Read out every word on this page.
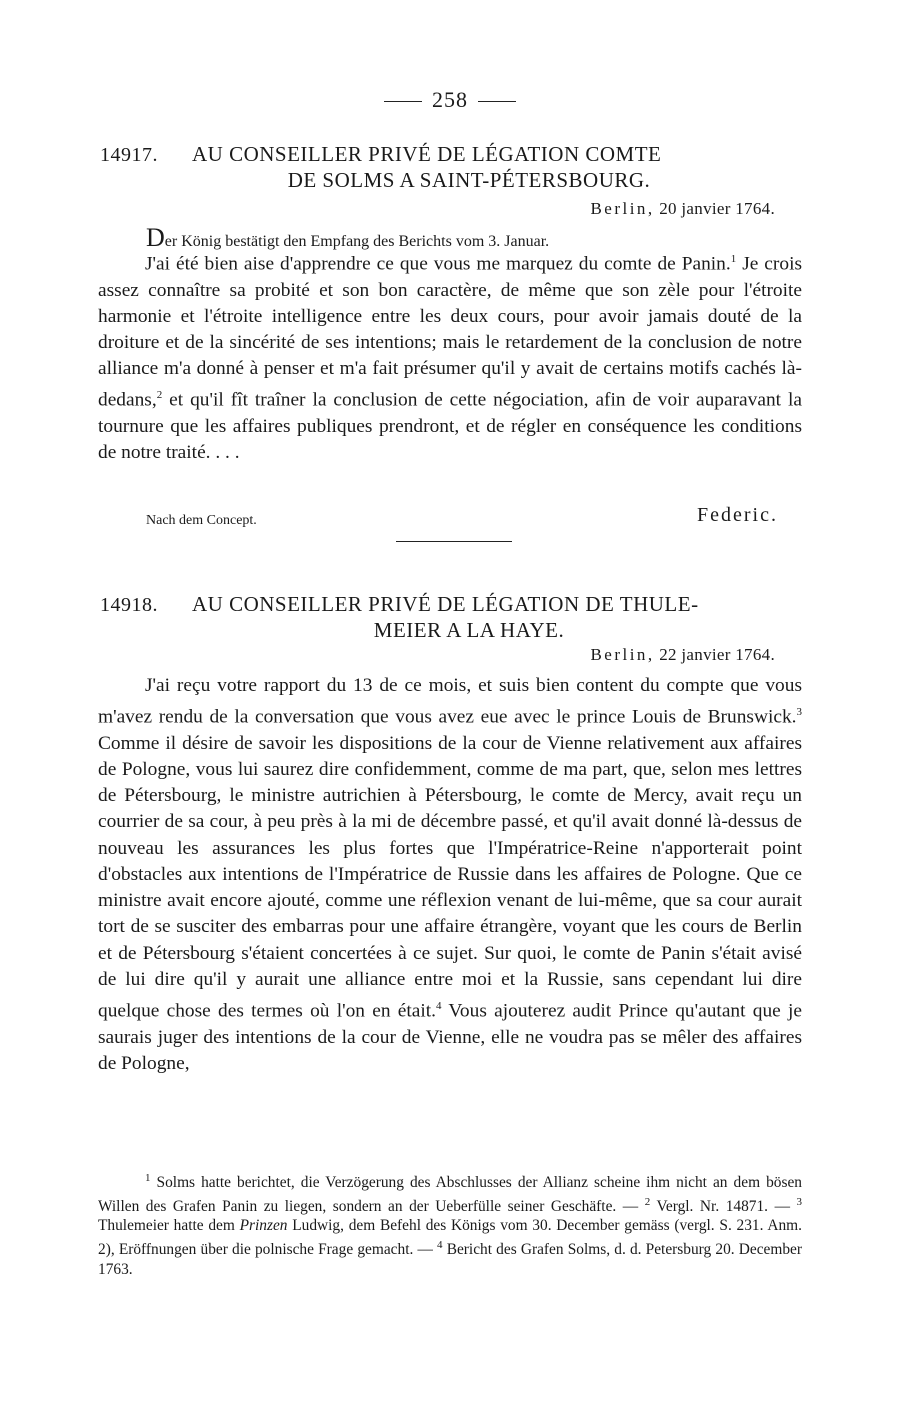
258
14917. AU CONSEILLER PRIVÉ DE LÉGATION COMTE
DE SOLMS A SAINT-PÉTERSBOURG.
Berlin, 20 janvier 1764.
Der König bestätigt den Empfang des Berichts vom 3. Januar.

J'ai été bien aise d'apprendre ce que vous me marquez du comte de Panin.$^1$ Je crois assez connaître sa probité et son bon caractère, de même que son zèle pour l'étroite harmonie et l'étroite intelligence entre les deux cours, pour avoir jamais douté de la droiture et de la sincérité de ses intentions; mais le retardement de la conclusion de notre alliance m'a donné à penser et m'a fait présumer qu'il y avait de certains motifs cachés là-dedans,$^2$ et qu'il fît traîner la conclusion de cette négociation, afin de voir auparavant la tournure que les affaires publiques prendront, et de régler en conséquence les conditions de notre traité. . . .

Nach dem Concept.	Federic.
14918. AU CONSEILLER PRIVÉ DE LÉGATION DE THULE-
MEIER A LA HAYE.
Berlin, 22 janvier 1764.

J'ai reçu votre rapport du 13 de ce mois, et suis bien content du compte que vous m'avez rendu de la conversation que vous avez eue avec le prince Louis de Brunswick.$^3$ Comme il désire de savoir les dispositions de la cour de Vienne relativement aux affaires de Pologne, vous lui saurez dire confidemment, comme de ma part, que, selon mes lettres de Pétersbourg, le ministre autrichien à Pétersbourg, le comte de Mercy, avait reçu un courrier de sa cour, à peu près à la mi de décembre passé, et qu'il avait donné là-dessus de nouveau les assurances les plus fortes que l'Impératrice-Reine n'apporterait point d'obstacles aux intentions de l'Impératrice de Russie dans les affaires de Pologne. Que ce ministre avait encore ajouté, comme une réflexion venant de lui-même, que sa cour aurait tort de se susciter des embarras pour une affaire étrangère, voyant que les cours de Berlin et de Pétersbourg s'étaient concertées à ce sujet. Sur quoi, le comte de Panin s'était avisé de lui dire qu'il y aurait une alliance entre moi et la Russie, sans cependant lui dire quelque chose des termes où l'on en était.$^4$ Vous ajouterez audit Prince qu'autant que je saurais juger des intentions de la cour de Vienne, elle ne voudra pas se mêler des affaires de Pologne,

$^1$ Solms hatte berichtet, die Verzögerung des Abschlusses der Allianz scheine ihm nicht an dem bösen Willen des Grafen Panin zu liegen, sondern an der Ueberfülle seiner Geschäfte. — $^2$ Vergl. Nr. 14871. — $^3$ Thulemeier hatte dem Prinzen Ludwig, dem Befehl des Königs vom 30. December gemäss (vergl. S. 231. Anm. 2), Eröffnungen über die polnische Frage gemacht. — $^4$ Bericht des Grafen Solms, d. d. Petersburg 20. December 1763.
